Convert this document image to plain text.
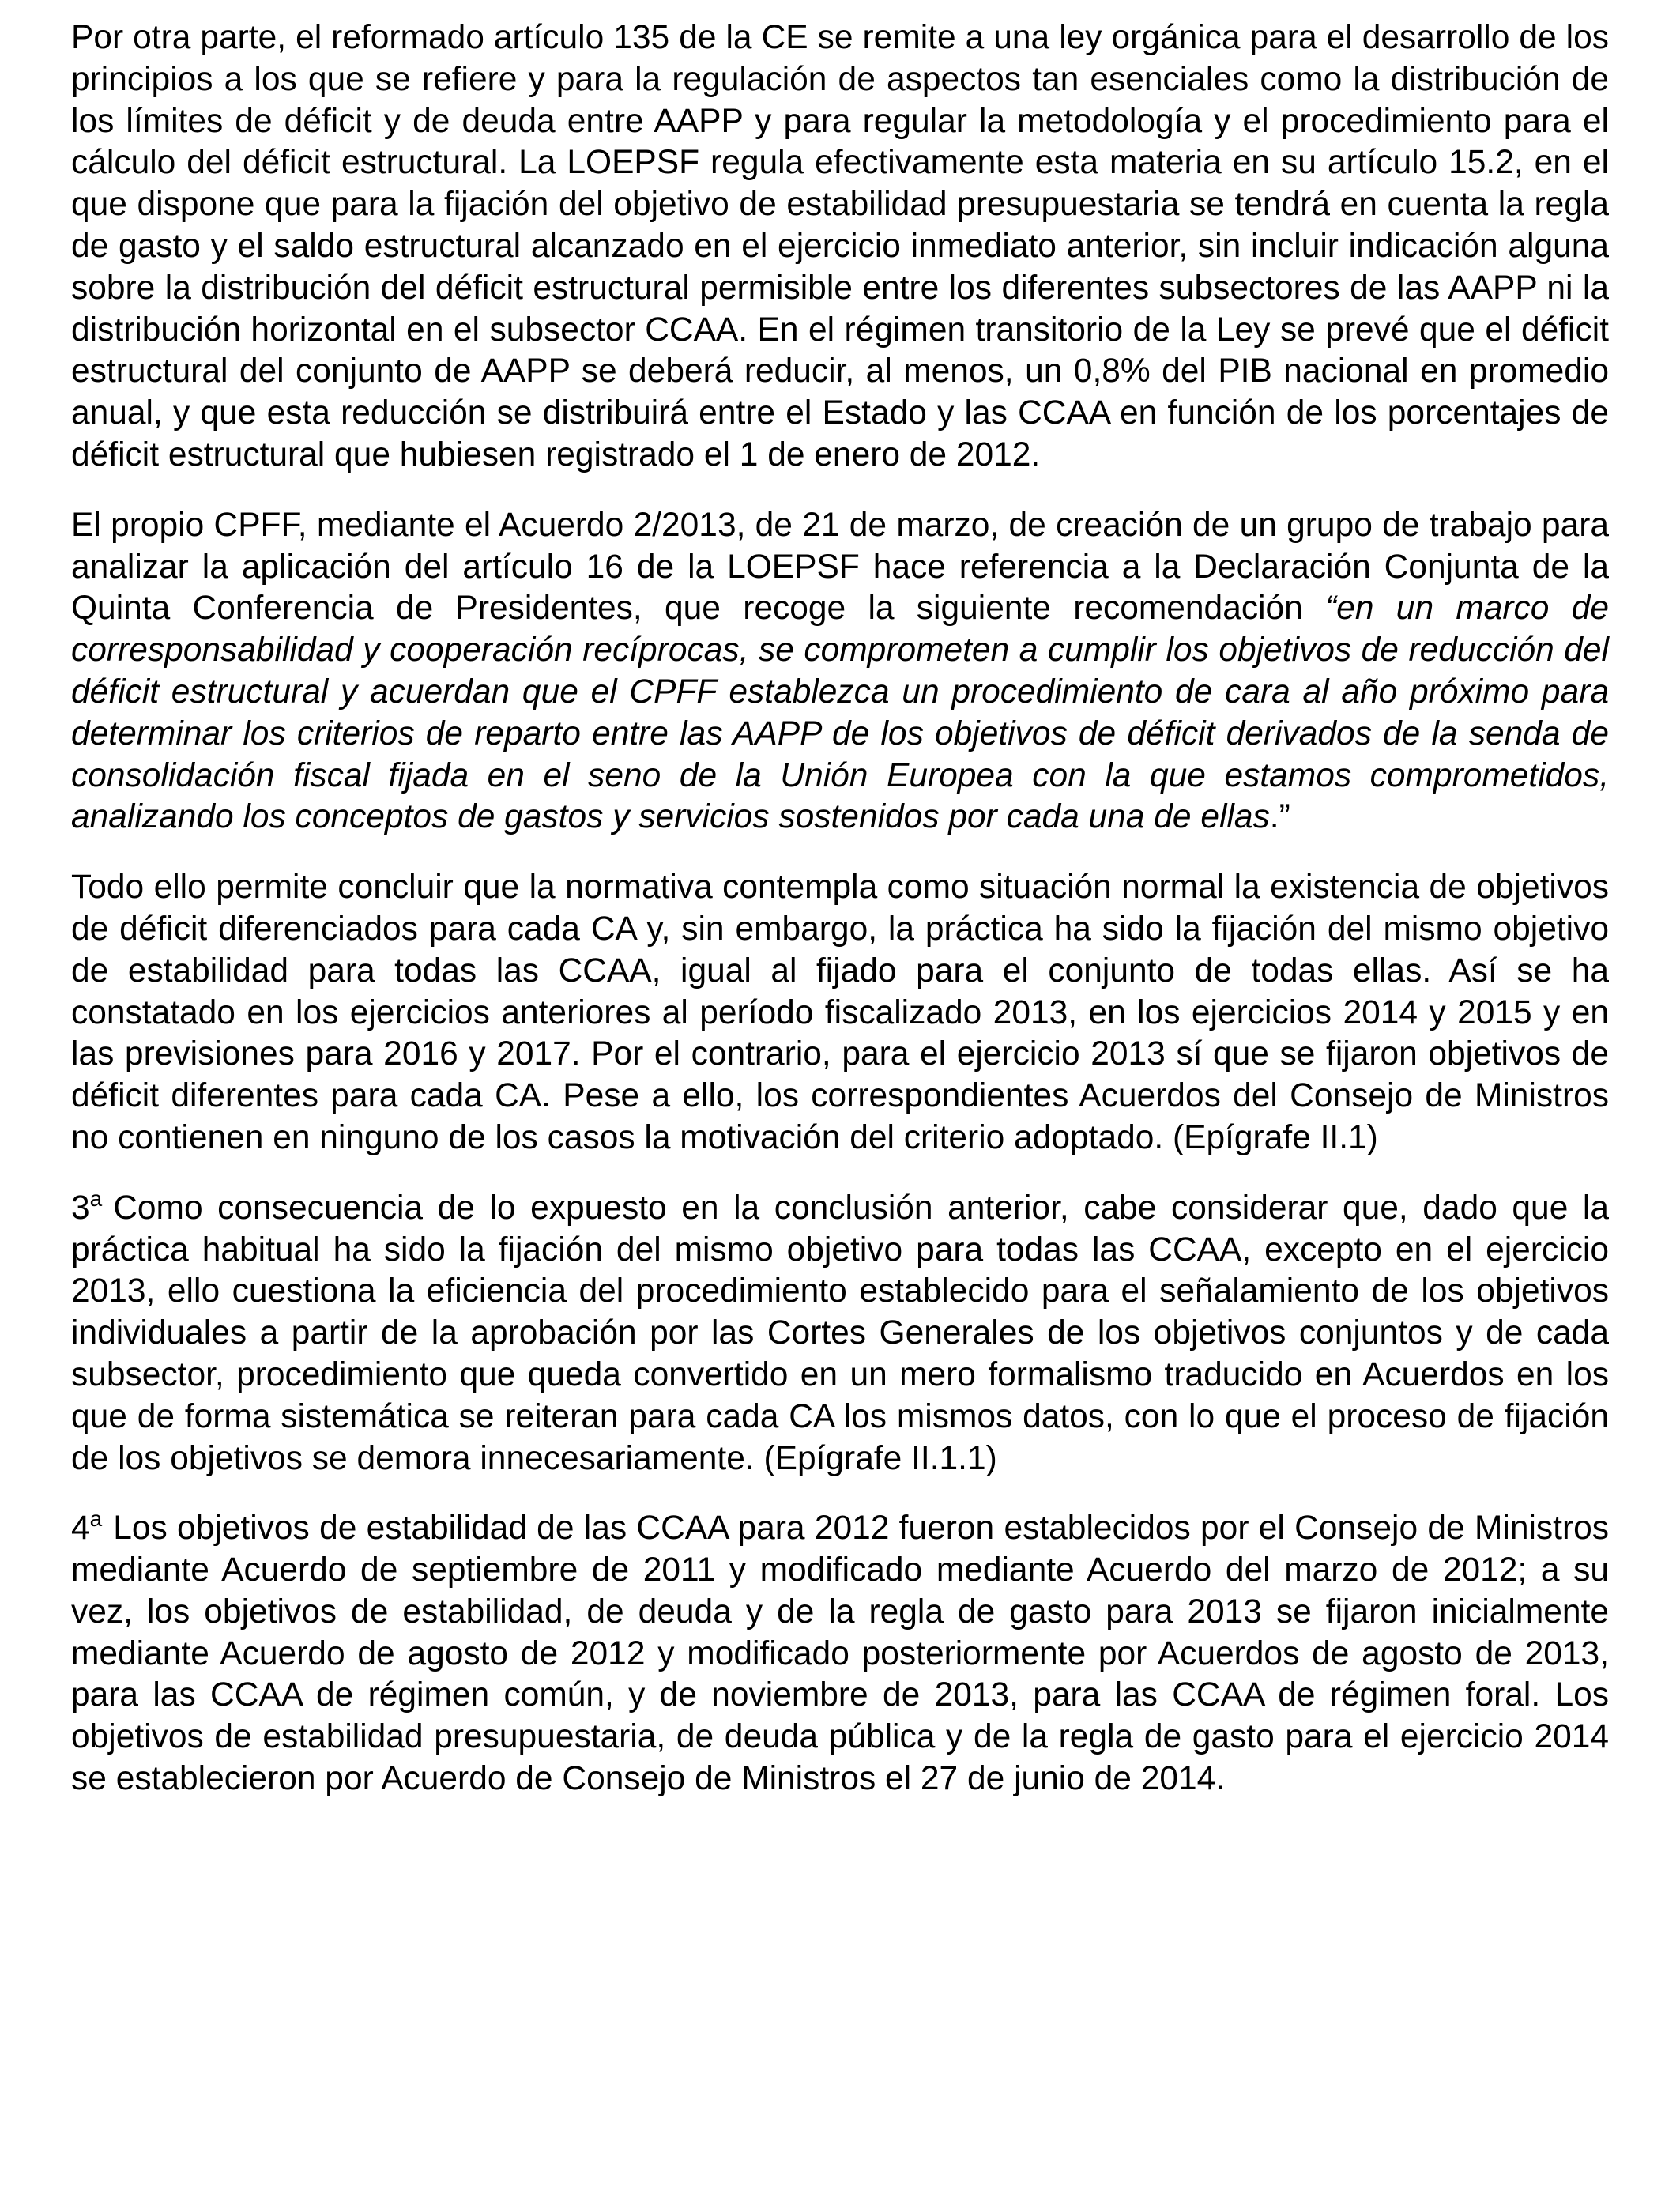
Por otra parte, el reformado artículo 135 de la CE se remite a una ley orgánica para el desarrollo de los principios a los que se refiere y para la regulación de aspectos tan esenciales como la distribución de los límites de déficit y de deuda entre AAPP y para regular la metodología y el procedimiento para el cálculo del déficit estructural. La LOEPSF regula efectivamente esta materia en su artículo 15.2, en el que dispone que para la fijación del objetivo de estabilidad presupuestaria se tendrá en cuenta la regla de gasto y el saldo estructural alcanzado en el ejercicio inmediato anterior, sin incluir indicación alguna sobre la distribución del déficit estructural permisible entre los diferentes subsectores de las AAPP ni la distribución horizontal en el subsector CCAA. En el régimen transitorio de la Ley se prevé que el déficit estructural del conjunto de AAPP se deberá reducir, al menos, un 0,8% del PIB nacional en promedio anual, y que esta reducción se distribuirá entre el Estado y las CCAA en función de los porcentajes de déficit estructural que hubiesen registrado el 1 de enero de 2012.

El propio CPFF, mediante el Acuerdo 2/2013, de 21 de marzo, de creación de un grupo de trabajo para analizar la aplicación del artículo 16 de la LOEPSF hace referencia a la Declaración Conjunta de la Quinta Conferencia de Presidentes, que recoge la siguiente recomendación “en un marco de corresponsabilidad y cooperación recíprocas, se comprometen a cumplir los objetivos de reducción del déficit estructural y acuerdan que el CPFF establezca un procedimiento de cara al año próximo para determinar los criterios de reparto entre las AAPP de los objetivos de déficit derivados de la senda de consolidación fiscal fijada en el seno de la Unión Europea con la que estamos comprometidos, analizando los conceptos de gastos y servicios sostenidos por cada una de ellas.”

Todo ello permite concluir que la normativa contempla como situación normal la existencia de objetivos de déficit diferenciados para cada CA y, sin embargo, la práctica ha sido la fijación del mismo objetivo de estabilidad para todas las CCAA, igual al fijado para el conjunto de todas ellas. Así se ha constatado en los ejercicios anteriores al período fiscalizado 2013, en los ejercicios 2014 y 2015 y en las previsiones para 2016 y 2017. Por el contrario, para el ejercicio 2013 sí que se fijaron objetivos de déficit diferentes para cada CA. Pese a ello, los correspondientes Acuerdos del Consejo de Ministros no contienen en ninguno de los casos la motivación del criterio adoptado. (Epígrafe II.1)

3$^a$ Como consecuencia de lo expuesto en la conclusión anterior, cabe considerar que, dado que la práctica habitual ha sido la fijación del mismo objetivo para todas las CCAA, excepto en el ejercicio 2013, ello cuestiona la eficiencia del procedimiento establecido para el señalamiento de los objetivos individuales a partir de la aprobación por las Cortes Generales de los objetivos conjuntos y de cada subsector, procedimiento que queda convertido en un mero formalismo traducido en Acuerdos en los que de forma sistemática se reiteran para cada CA los mismos datos, con lo que el proceso de fijación de los objetivos se demora innecesariamente. (Epígrafe II.1.1)

4$^a$ Los objetivos de estabilidad de las CCAA para 2012 fueron establecidos por el Consejo de Ministros mediante Acuerdo de septiembre de 2011 y modificado mediante Acuerdo del marzo de 2012; a su vez, los objetivos de estabilidad, de deuda y de la regla de gasto para 2013 se fijaron inicialmente mediante Acuerdo de agosto de 2012 y modificado posteriormente por Acuerdos de agosto de 2013, para las CCAA de régimen común, y de noviembre de 2013, para las CCAA de régimen foral. Los objetivos de estabilidad presupuestaria, de deuda pública y de la regla de gasto para el ejercicio 2014 se establecieron por Acuerdo de Consejo de Ministros el 27 de junio de 2014.
